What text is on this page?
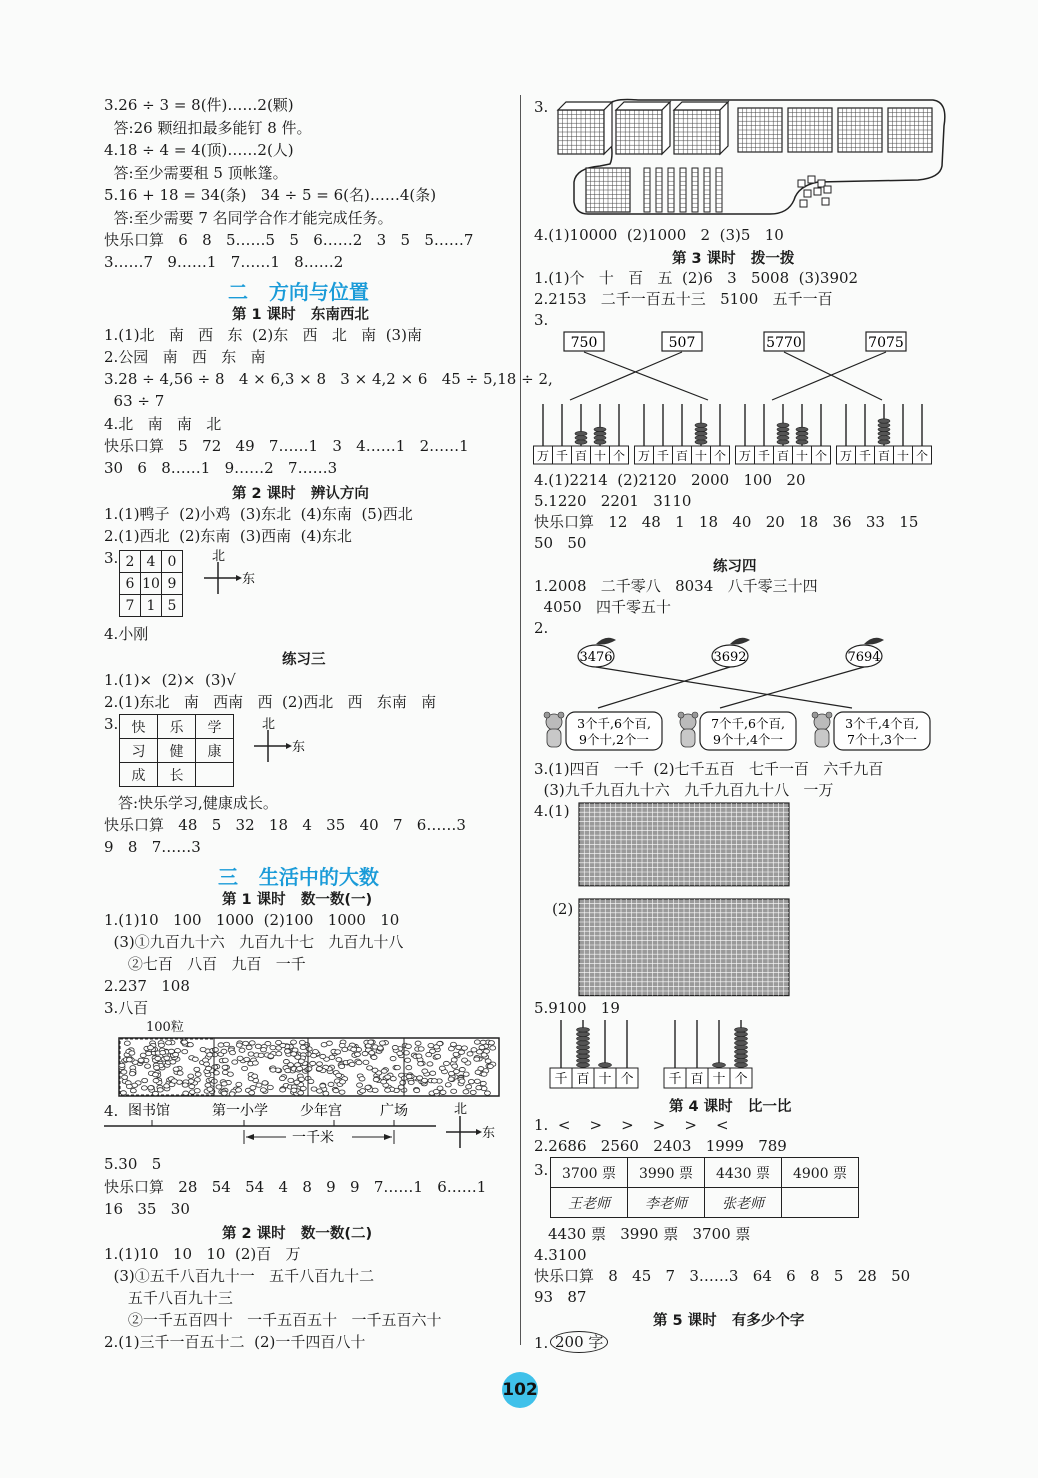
3.26 ÷ 3 = 8(件)……2(颗)
答:26 颗纽扣最多能钉 8 件。
4.18 ÷ 4 = 4(顶)……2(人)
答:至少需要租 5 顶帐篷。
5.16 + 18 = 34(条)   34 ÷ 5 = 6(名)……4(条)
答:至少需要 7 名同学合作才能完成任务。
快乐口算   6   8   5……5   5   6……2   3   5   5……7
3……7   9……1   7……1   8……2
二 方向与位置
第 1 课时   东南西北
1.(1)北   南   西   东  (2)东   西   北   南  (3)南
2.公园   南   西   东   南
3.28 ÷ 4,56 ÷ 8   4 × 6,3 × 8   3 × 4,2 × 6   45 ÷ 5,18 ÷ 2,
63 ÷ 7
4.北   南   南   北
快乐口算   5   72   49   7……1   3   4……1   2……1
30   6   8……1   9……2   7……3
第 2 课时   辨认方向
1.(1)鸭子  (2)小鸡  (3)东北  (4)东南  (5)西北
2.(1)西北  (2)东南  (3)西南  (4)东北
3. 2	4	0
6	10	9
7	1	5
北
东
4.小刚
练习三
1.(1)×  (2)×  (3)√
2.(1)东北   南   西南   西  (2)西北   西   东南   南
3. 快	乐	学
习	健	康
成	长	
北
东
答:快乐学习,健康成长。
快乐口算   48   5   32   18   4   35   40   7   6……3
9   8   7……3
三 生活中的大数
第 1 课时   数一数(一)
1.(1)10   100   1000  (2)100   1000   10
(3)①九百九十六   九百九十七   九百九十八
②七百   八百   九百   一千
2.237   108
3.八百
100粒
4. 图书馆	第一小学 少年宫	广场
一千米
北
东
5.30   5
快乐口算   28   54   54   4   8   9   9   7……1   6……1
16   35   30
第 2 课时   数一数(二)
1.(1)10   10   10  (2)百   万
(3)①五千八百九十一   五千八百九十二
五千八百九十三
②一千五百四十   一千五百五十   一千五百六十
2.(1)三千一百五十二  (2)一千四百八十
3.
4.(1)10000  (2)1000   2  (3)5   10
第 3 课时   拨一拨
1.(1)个   十   百   五  (2)6   3   5008  (3)3902
2.2153   二千一百五十三   5100   五千一百
3.
750	507	5770	7075
万 千 百 十 个 万 千 百 十 个 万 千 百 十 个 万 千 百 十 个
4.(1)2214  (2)2120   2000   100   20
5.1220   2201   3110
快乐口算   12   48   1   18   40   20   18   36   33   15
50   50
练习四
1.2008   二千零八   8034   八千零三十四
4050   四千零五十
2.
3476	3692	7694
3个千,6个百,
9个十,2个一
7个千,6个百,
9个十,4个一
3个千,4个百,
7个十,3个一
3.(1)四百   一千  (2)七千五百   七千一百   六千九百
(3)九千九百九十六   九千九百九十八   一万
4.(1)
(2)
5.9100   19
千 百 十 个	千 百 十 个
第 4 课时   比一比
1.  <    >    >    >    >    <
2.2686   2560   2403   1999   789
3. 3700 票	3990 票	4430 票	4900 票
王老师	李老师	张老师	
4430 票   3990 票   3700 票
4.3100
快乐口算   8   45   7   3……3   64   6   8   5   28   50
93   87
第 5 课时   有多少个字
1. 200 字
102
